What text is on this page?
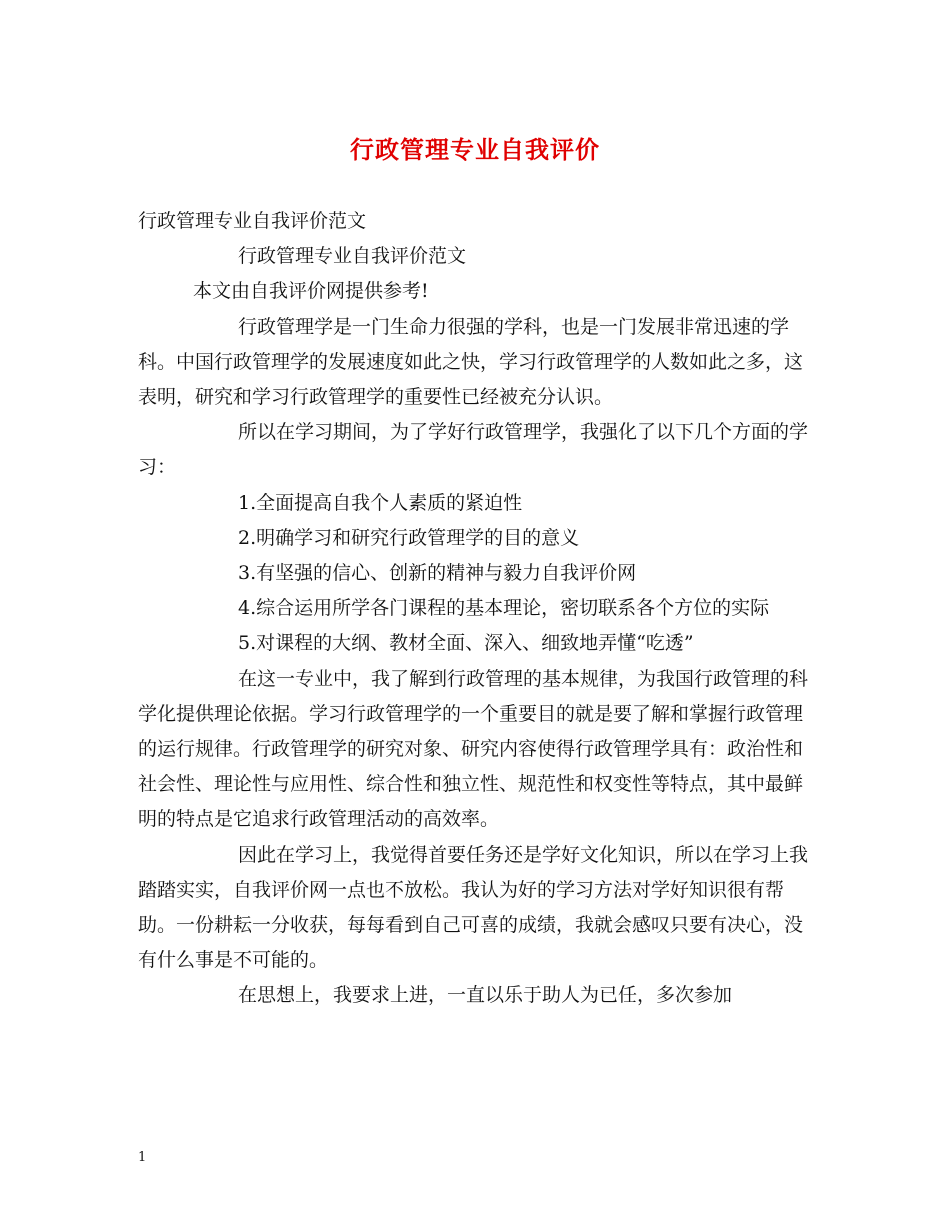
行政管理专业自我评价

行政管理专业自我评价范文

行政管理专业自我评价范文

本文由自我评价网提供参考!

行政管理学是一门生命力很强的学科，也是一门发展非常迅速的学科。中国行政管理学的发展速度如此之快，学习行政管理学的人数如此之多，这表明，研究和学习行政管理学的重要性已经被充分认识。

所以在学习期间，为了学好行政管理学，我强化了以下几个方面的学习：

1.全面提高自我个人素质的紧迫性

2.明确学习和研究行政管理学的目的意义

3.有坚强的信心、创新的精神与毅力自我评价网

4.综合运用所学各门课程的基本理论，密切联系各个方位的实际

5.对课程的大纲、教材全面、深入、细致地弄懂“吃透”

在这一专业中，我了解到行政管理的基本规律，为我国行政管理的科学化提供理论依据。学习行政管理学的一个重要目的就是要了解和掌握行政管理的运行规律。行政管理学的研究对象、研究内容使得行政管理学具有：政治性和社会性、理论性与应用性、综合性和独立性、规范性和权变性等特点，其中最鲜明的特点是它追求行政管理活动的高效率。

因此在学习上，我觉得首要任务还是学好文化知识，所以在学习上我踏踏实实，自我评价网一点也不放松。我认为好的学习方法对学好知识很有帮助。一份耕耘一分收获，每每看到自己可喜的成绩，我就会感叹只要有决心，没有什么事是不可能的。

在思想上，我要求上进，一直以乐于助人为已任，多次参加

1
